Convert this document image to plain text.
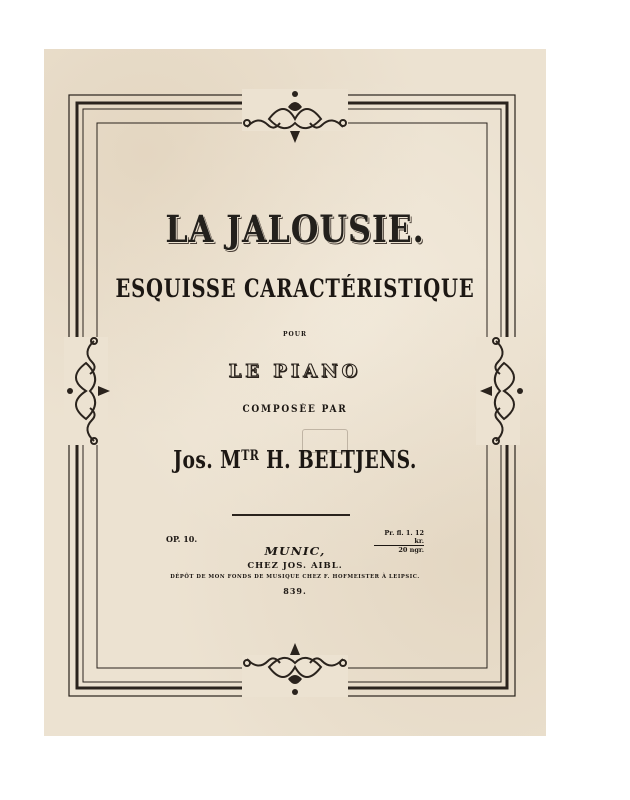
LA JALOUSIE.
ESQUISSE CARACTÉRISTIQUE
POUR
LE PIANO
COMPOSÉE PAR
Jos. $M^{TR}$ H. BELTJENS.
OP. 10.
Pr. fl. 1. 12 kr.
20 ngr.
MUNIC,
CHEZ JOS. AIBL.
DÉPÔT DE MON FONDS DE MUSIQUE CHEZ F. HOFMEISTER À LEIPSIC.
839.
